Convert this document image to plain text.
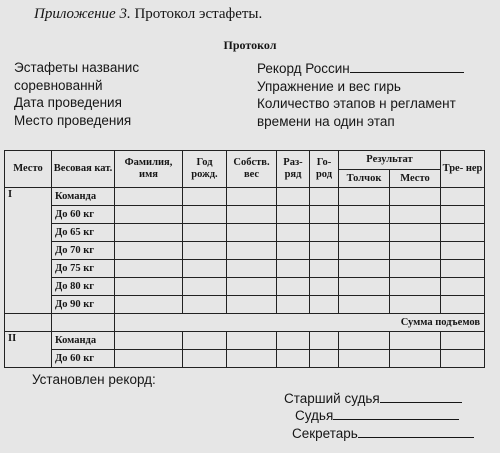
Приложение 3. Протокол эстафеты.
Протокол
Эстафеты названис
соревнованнй
Дата проведения
Место проведения
Рекорд Россин
Упражнение и вес гирь
Количество этапов н регламент
времени на один этап
Место	Весовая кат.	Фамилия, имя	Год рожд.	Собств. вес	Раз- ряд	Го- род	Результат		Тре- нер
							Толчок	Место	
I	Команда								
	До 60 кг								
	До 65 кг								
	До 70 кг								
	До 75 кг								
	До 80 кг								
	До 90 кг								
		Сумма подъемов							
II	Команда								
	До 60 кг								
Установлен рекорд:
Старший судья
Судья
Секретарь
